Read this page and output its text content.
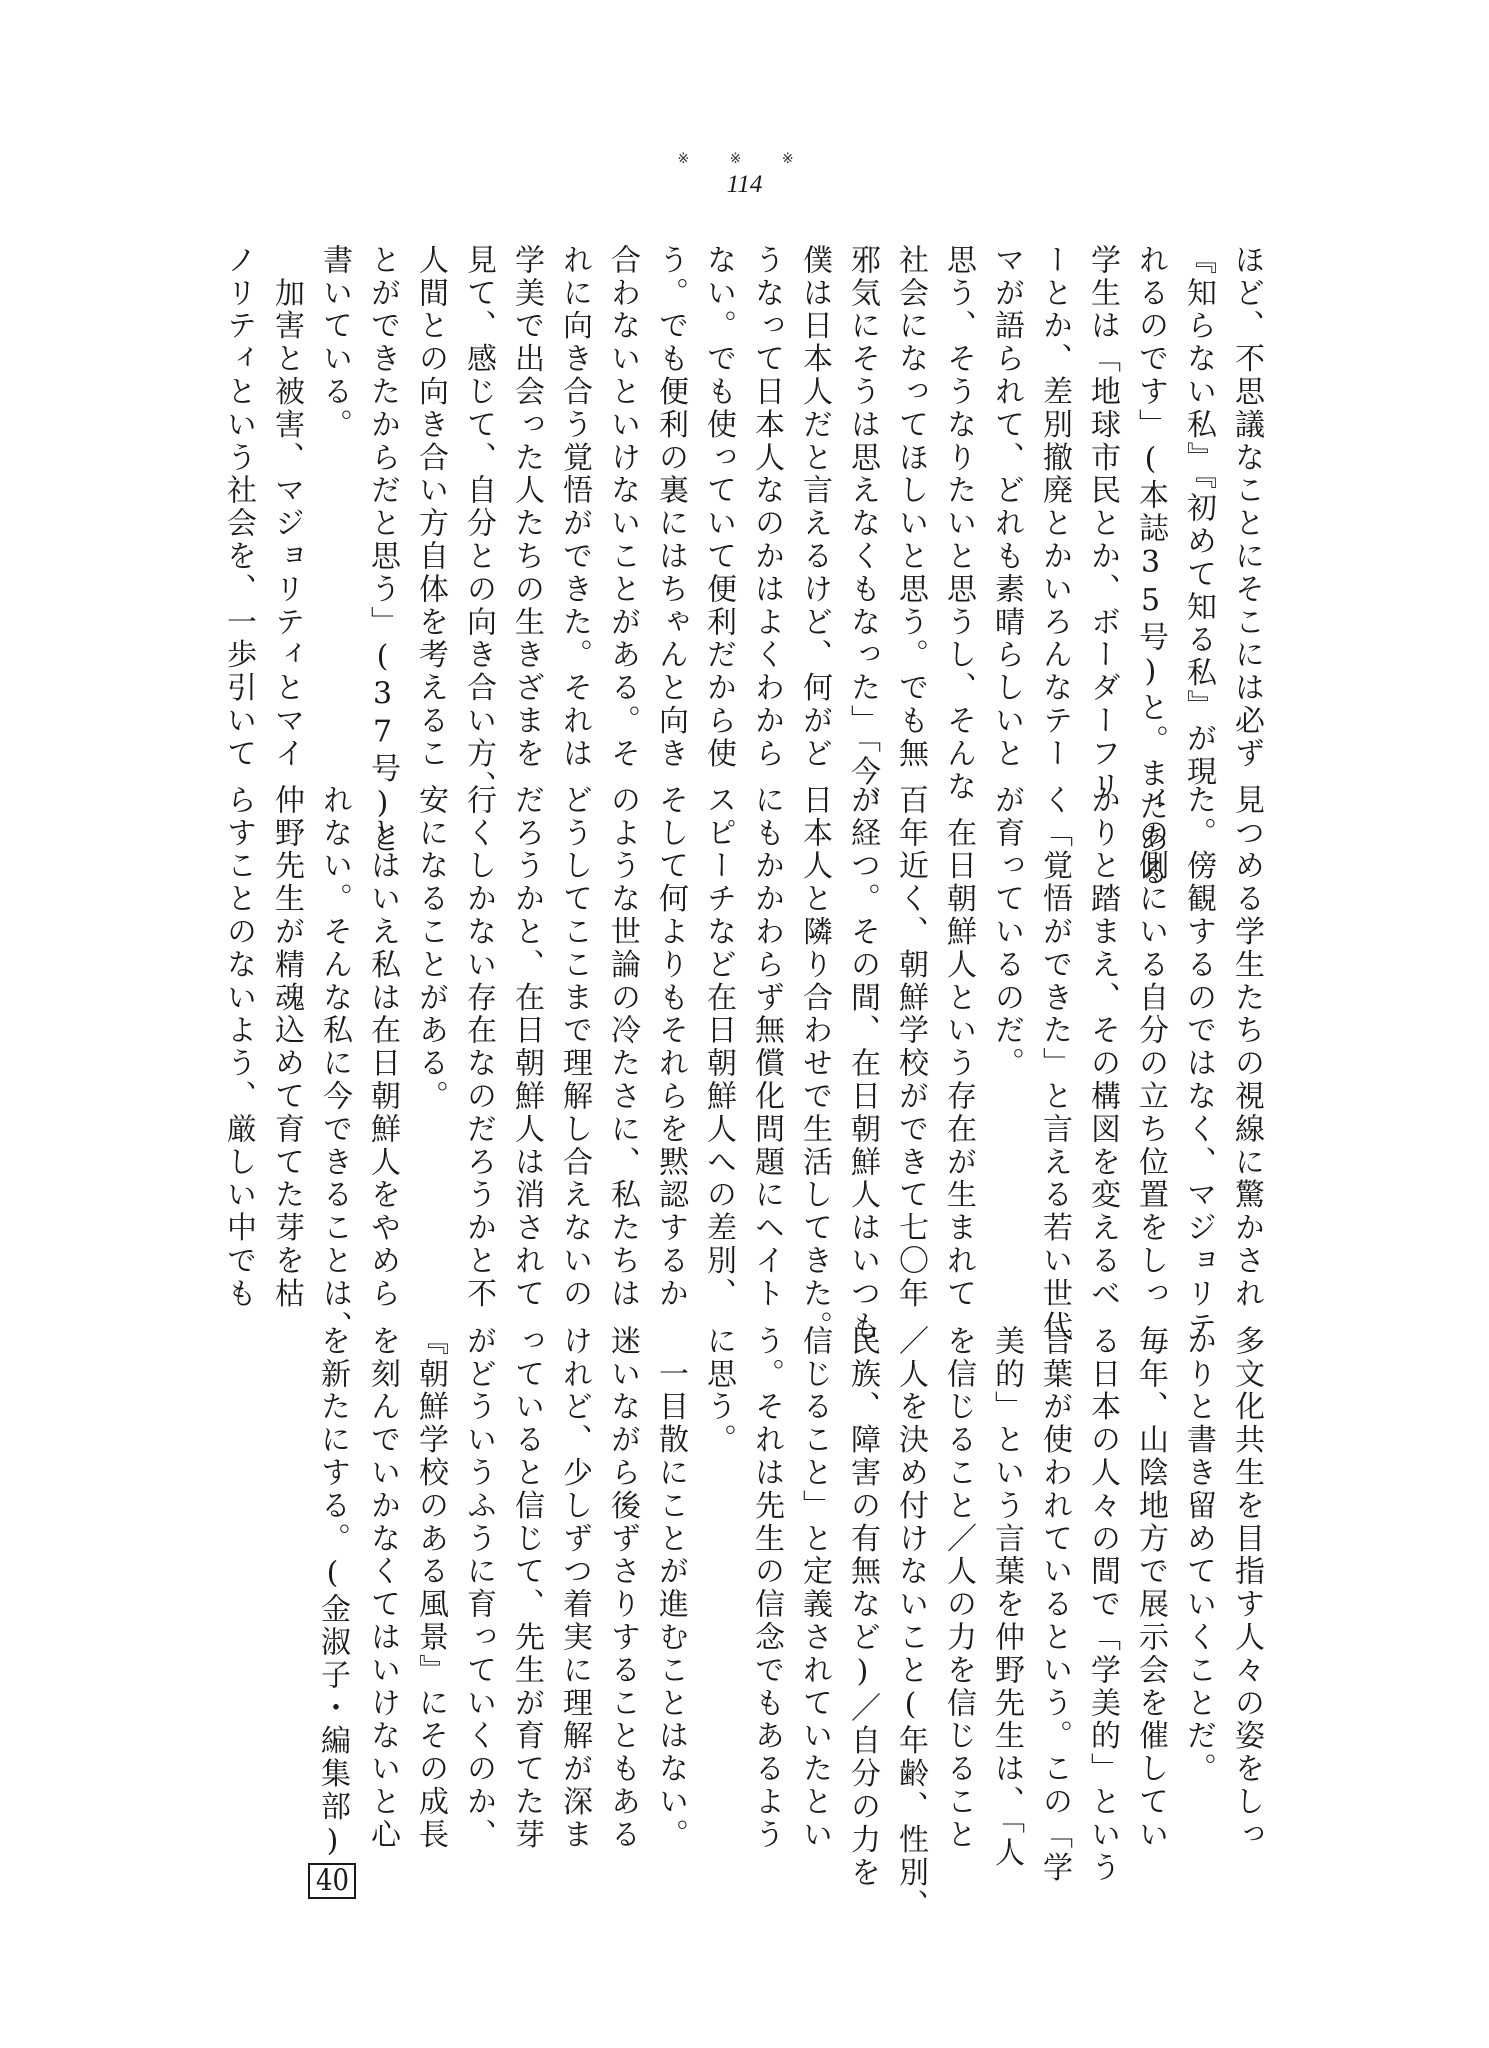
※ ※ ※
114
ほど、不思議なことにそこには必ず
『知らない私』『初めて知る私』が現
れるのです」(本誌35号)と。またある
学生は「地球市民とか、ボーダーフリ
ーとか、差別撤廃とかいろんなテー
マが語られて、どれも素晴らしいと
思う、そうなりたいと思うし、そんな
社会になってほしいと思う。でも無
邪気にそうは思えなくもなった」「今、
僕は日本人だと言えるけど、何がど
うなって日本人なのかはよくわから
ない。でも使っていて便利だから使
う。でも便利の裏にはちゃんと向き
合わないといけないことがある。そ
れに向き合う覚悟ができた。それは
学美で出会った人たちの生きざまを
見て、感じて、自分との向き合い方、
人間との向き合い方自体を考えるこ
とができたからだと思う」(37号)と
書いている。
　加害と被害、マジョリティとマイ
ノリティという社会を、一歩引いて
見つめる学生たちの視線に驚かされ
た。傍観するのではなく、マジョリテ
ィの側にいる自分の立ち位置をしっ
かりと踏まえ、その構図を変えるべ
く「覚悟ができた」と言える若い世代
が育っているのだ。
　在日朝鮮人という存在が生まれて
百年近く、朝鮮学校ができて七〇年
が経つ。その間、在日朝鮮人はいつも
日本人と隣り合わせで生活してきた。
にもかかわらず無償化問題にヘイト
スピーチなど在日朝鮮人への差別、
そして何よりもそれらを黙認するか
のような世論の冷たさに、私たちは
どうしてここまで理解し合えないの
だろうかと、在日朝鮮人は消されて
行くしかない存在なのだろうかと不
安になることがある。
　とはいえ私は在日朝鮮人をやめら
れない。そんな私に今できることは、
仲野先生が精魂込めて育てた芽を枯
らすことのないよう、厳しい中でも
多文化共生を目指す人々の姿をしっ
かりと書き留めていくことだ。
毎年、山陰地方で展示会を催してい
る日本の人々の間で「学美的」という
言葉が使われているという。この「学
美的」という言葉を仲野先生は、「人
を信じること／人の力を信じること
／人を決め付けないこと(年齢、性別、
民族、障害の有無など)／自分の力を
信じること」と定義されていたとい
う。それは先生の信念でもあるよう
に思う。
　一目散にことが進むことはない。
迷いながら後ずさりすることもある
けれど、少しずつ着実に理解が深ま
っていると信じて、先生が育てた芽
がどういうふうに育っていくのか、
『朝鮮学校のある風景』にその成長
を刻んでいかなくてはいけないと心
を新たにする。(金淑子・編集部)40
